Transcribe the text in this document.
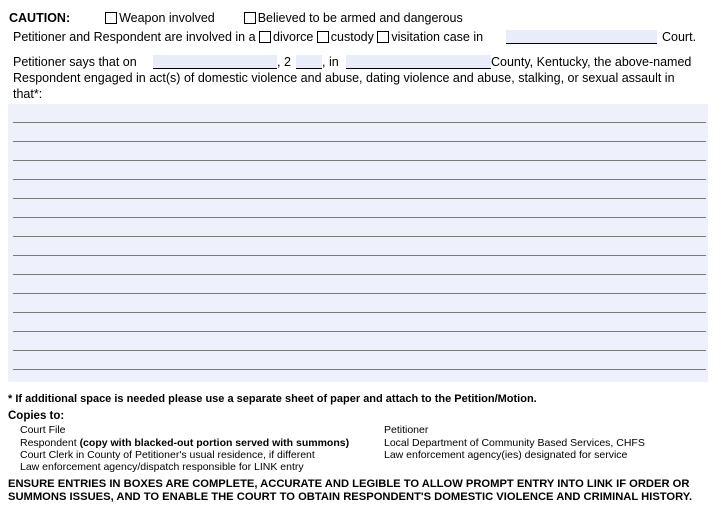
CAUTION:	Weapon involved	Believed to be armed and dangerous
Petitioner and Respondent are involved in a divorce custody visitation case in	Court.
Petitioner says that on	, 2 , in	County, Kentucky, the above-named
Respondent engaged in act(s) of domestic violence and abuse, dating violence and abuse, stalking, or sexual assault in
that*:
* If additional space is needed please use a separate sheet of paper and attach to the Petition/Motion.
Copies to:
Court File
Respondent (copy with blacked-out portion served with summons)
Court Clerk in County of Petitioner's usual residence, if different
Law enforcement agency/dispatch responsible for LINK entry
Petitioner
Local Department of Community Based Services, CHFS
Law enforcement agency(ies) designated for service
ENSURE ENTRIES IN BOXES ARE COMPLETE, ACCURATE AND LEGIBLE TO ALLOW PROMPT ENTRY INTO LINK IF ORDER OR
SUMMONS ISSUES, AND TO ENABLE THE COURT TO OBTAIN RESPONDENT'S DOMESTIC VIOLENCE AND CRIMINAL HISTORY.
